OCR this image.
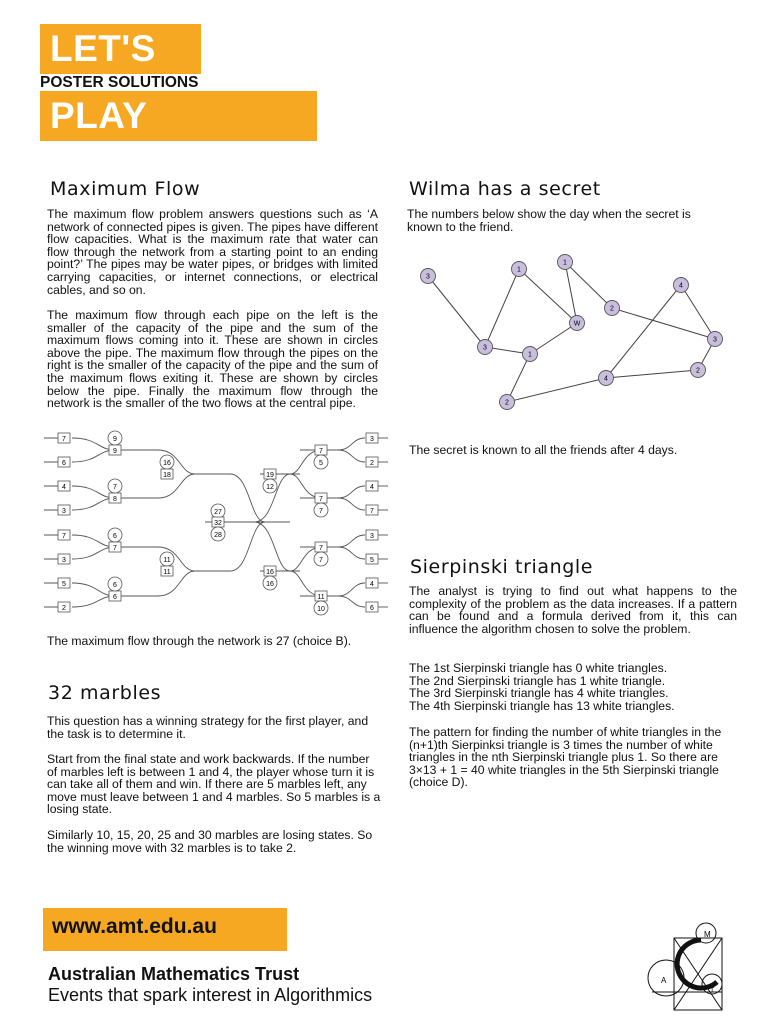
LET'S
POSTER SOLUTIONS
PLAY
Maximum Flow

The maximum flow problem answers questions such as ‘A network of connected pipes is given. The pipes have different flow capacities. What is the maximum rate that water can flow through the network from a starting point to an ending point?’ The pipes may be water pipes, or bridges with limited carrying capacities, or internet connections, or electrical cables, and so on.

The maximum flow through each pipe on the left is the smaller of the capacity of the pipe and the sum of the maximum flows coming into it. These are shown in circles above the pipe. The maximum flow through the pipes on the right is the smaller of the capacity of the pipe and the sum of the maximum flows exiting it. These are shown by circles below the pipe. Finally the maximum flow through the network is the smaller of the two flows at the central pipe.

7
6
4
3
7
3
5
2
3
2
4
7
3
5
4
6
9
9
7
8
6
7
6
6
16
18
11
11
27
32
28
19
12
16
16
7
5
7
7
7
7
11
10

The maximum flow through the network is 27 (choice B).

32 marbles

This question has a winning strategy for the first player, and the task is to determine it.

Start from the final state and work backwards. If the number of marbles left is between 1 and 4, the player whose turn it is can take all of them and win. If there are 5 marbles left, any move must leave between 1 and 4 marbles. So 5 marbles is a losing state.

Similarly 10, 15, 20, 25 and 30 marbles are losing states. So the winning move with 32 marbles is to take 2.

Wilma has a secret

The numbers below show the day when the secret is known to the friend.

3
1
1
W
2
4
3
2
1
3
4
2

The secret is known to all the friends after 4 days.

Sierpinski triangle

The analyst is trying to find out what happens to the complexity of the problem as the data increases. If a pattern can be found and a formula derived from it, this can influence the algorithm chosen to solve the problem.

The 1st Sierpinski triangle has 0 white triangles.
The 2nd Sierpinski triangle has 1 white triangle.
The 3rd Sierpinski triangle has 4 white triangles.
The 4th Sierpinski triangle has 13 white triangles.

The pattern for finding the number of white triangles in the (n+1)th Sierpinksi triangle is 3 times the number of white triangles in the nth Sierpinski triangle plus 1. So there are 3×13 + 1 = 40 white triangles in the 5th Sierpinski triangle (choice D).

www.amt.edu.au
Australian Mathematics Trust
Events that spark interest in Algorithmics
M
A
T
